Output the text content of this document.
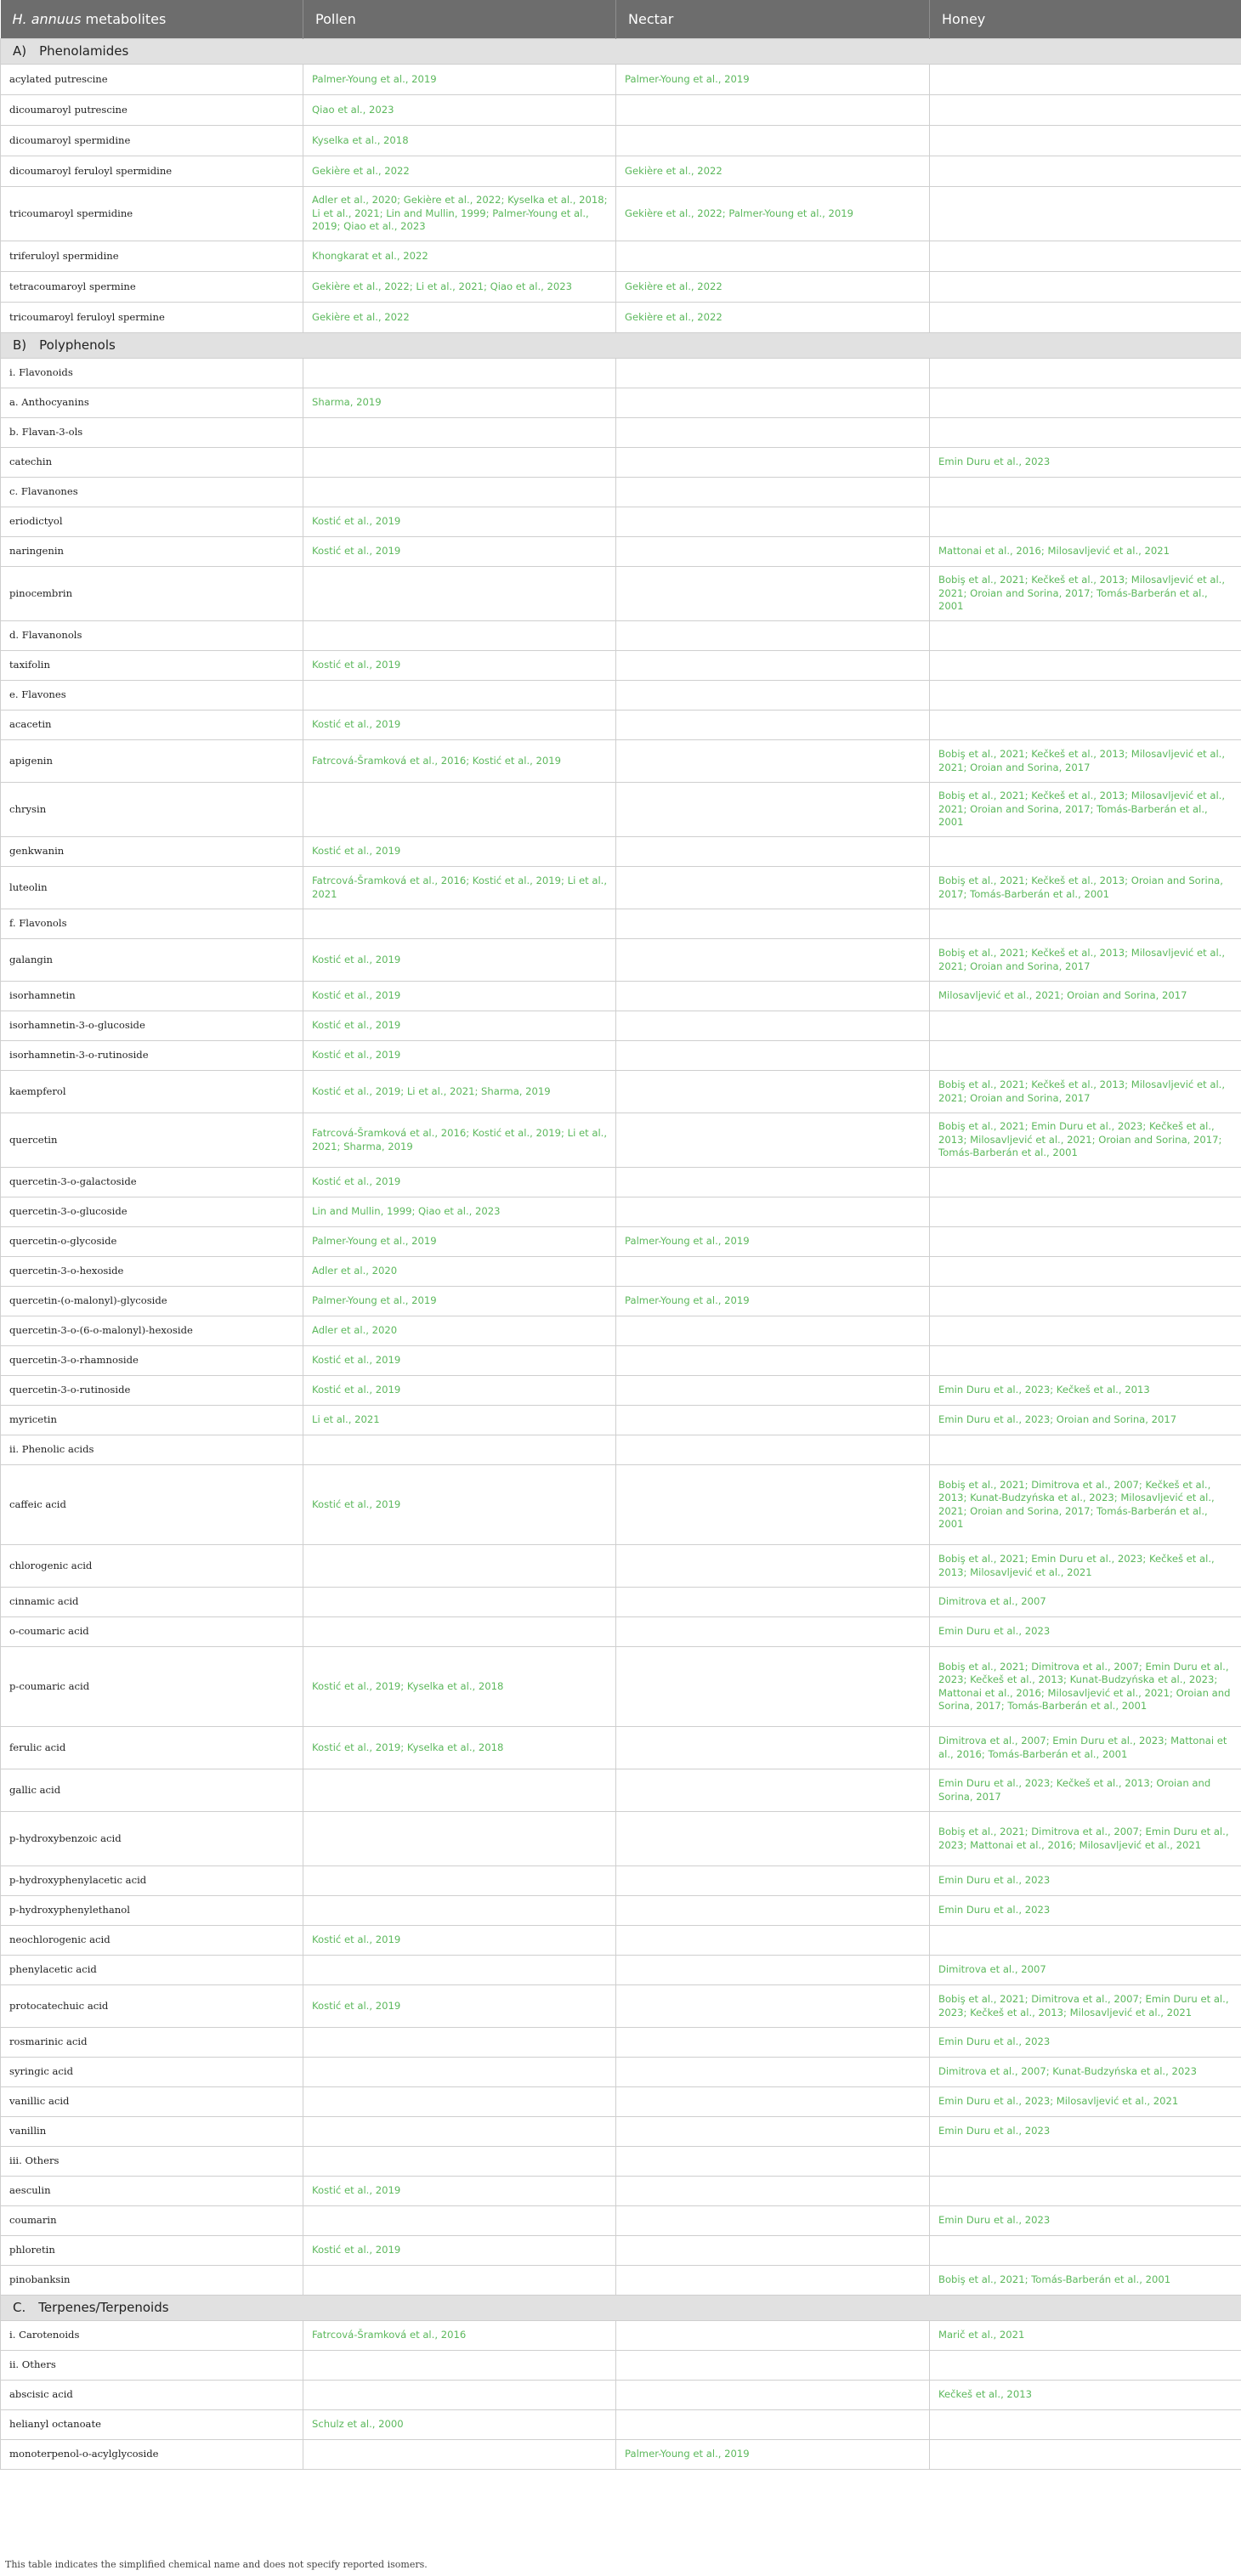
H. annuus metabolites	Pollen	Nectar	Honey
A) Phenolamides			
acylated putrescine	Palmer-Young et al., 2019	Palmer-Young et al., 2019	
dicoumaroyl putrescine	Qiao et al., 2023		
dicoumaroyl spermidine	Kyselka et al., 2018		
dicoumaroyl feruloyl spermidine	Gekière et al., 2022	Gekière et al., 2022	
tricoumaroyl spermidine	Adler et al., 2020; Gekière et al., 2022; Kyselka et al., 2018; Li et al., 2021; Lin and Mullin, 1999; Palmer-Young et al., 2019; Qiao et al., 2023	Gekière et al., 2022; Palmer-Young et al., 2019	
triferuloyl spermidine	Khongkarat et al., 2022		
tetracoumaroyl spermine	Gekière et al., 2022; Li et al., 2021; Qiao et al., 2023	Gekière et al., 2022	
tricoumaroyl feruloyl spermine	Gekière et al., 2022	Gekière et al., 2022	
B) Polyphenols			
i. Flavonoids			
a. Anthocyanins	Sharma, 2019		
b. Flavan-3-ols			
catechin			Emin Duru et al., 2023
c. Flavanones			
eriodictyol	Kostić et al., 2019		
naringenin	Kostić et al., 2019		Mattonai et al., 2016; Milosavljević et al., 2021
pinocembrin			Bobiş et al., 2021; Kečkeš et al., 2013; Milosavljević et al., 2021; Oroian and Sorina, 2017; Tomás-Barberán et al., 2001
d. Flavanonols			
taxifolin	Kostić et al., 2019		
e. Flavones			
acacetin	Kostić et al., 2019		
apigenin	Fatrcová-Šramková et al., 2016; Kostić et al., 2019		Bobiş et al., 2021; Kečkeš et al., 2013; Milosavljević et al., 2021; Oroian and Sorina, 2017
chrysin			Bobiş et al., 2021; Kečkeš et al., 2013; Milosavljević et al., 2021; Oroian and Sorina, 2017; Tomás-Barberán et al., 2001
genkwanin	Kostić et al., 2019		
luteolin	Fatrcová-Šramková et al., 2016; Kostić et al., 2019; Li et al., 2021		Bobiş et al., 2021; Kečkeš et al., 2013; Oroian and Sorina, 2017; Tomás-Barberán et al., 2001
f. Flavonols			
galangin	Kostić et al., 2019		Bobiş et al., 2021; Kečkeš et al., 2013; Milosavljević et al., 2021; Oroian and Sorina, 2017
isorhamnetin	Kostić et al., 2019		Milosavljević et al., 2021; Oroian and Sorina, 2017
isorhamnetin-3-o-glucoside	Kostić et al., 2019		
isorhamnetin-3-o-rutinoside	Kostić et al., 2019		
kaempferol	Kostić et al., 2019; Li et al., 2021; Sharma, 2019		Bobiş et al., 2021; Kečkeš et al., 2013; Milosavljević et al., 2021; Oroian and Sorina, 2017
quercetin	Fatrcová-Šramková et al., 2016; Kostić et al., 2019; Li et al., 2021; Sharma, 2019		Bobiş et al., 2021; Emin Duru et al., 2023; Kečkeš et al., 2013; Milosavljević et al., 2021; Oroian and Sorina, 2017; Tomás-Barberán et al., 2001
quercetin-3-o-galactoside	Kostić et al., 2019		
quercetin-3-o-glucoside	Lin and Mullin, 1999; Qiao et al., 2023		
quercetin-o-glycoside	Palmer-Young et al., 2019	Palmer-Young et al., 2019	
quercetin-3-o-hexoside	Adler et al., 2020		
quercetin-(o-malonyl)-glycoside	Palmer-Young et al., 2019	Palmer-Young et al., 2019	
quercetin-3-o-(6-o-malonyl)-hexoside	Adler et al., 2020		
quercetin-3-o-rhamnoside	Kostić et al., 2019		
quercetin-3-o-rutinoside	Kostić et al., 2019		Emin Duru et al., 2023; Kečkeš et al., 2013
myricetin	Li et al., 2021		Emin Duru et al., 2023; Oroian and Sorina, 2017
ii. Phenolic acids			
caffeic acid	Kostić et al., 2019		Bobiş et al., 2021; Dimitrova et al., 2007; Kečkeš et al., 2013; Kunat-Budzyńska et al., 2023; Milosavljević et al., 2021; Oroian and Sorina, 2017; Tomás-Barberán et al., 2001
chlorogenic acid			Bobiş et al., 2021; Emin Duru et al., 2023; Kečkeš et al., 2013; Milosavljević et al., 2021
cinnamic acid			Dimitrova et al., 2007
o-coumaric acid			Emin Duru et al., 2023
p-coumaric acid	Kostić et al., 2019; Kyselka et al., 2018		Bobiş et al., 2021; Dimitrova et al., 2007; Emin Duru et al., 2023; Kečkeš et al., 2013; Kunat-Budzyńska et al., 2023; Mattonai et al., 2016; Milosavljević et al., 2021; Oroian and Sorina, 2017; Tomás-Barberán et al., 2001
ferulic acid	Kostić et al., 2019; Kyselka et al., 2018		Dimitrova et al., 2007; Emin Duru et al., 2023; Mattonai et al., 2016; Tomás-Barberán et al., 2001
gallic acid			Emin Duru et al., 2023; Kečkeš et al., 2013; Oroian and Sorina, 2017
p-hydroxybenzoic acid			Bobiş et al., 2021; Dimitrova et al., 2007; Emin Duru et al., 2023; Mattonai et al., 2016; Milosavljević et al., 2021
p-hydroxyphenylacetic acid			Emin Duru et al., 2023
p-hydroxyphenylethanol			Emin Duru et al., 2023
neochlorogenic acid	Kostić et al., 2019		
phenylacetic acid			Dimitrova et al., 2007
protocatechuic acid	Kostić et al., 2019		Bobiş et al., 2021; Dimitrova et al., 2007; Emin Duru et al., 2023; Kečkeš et al., 2013; Milosavljević et al., 2021
rosmarinic acid			Emin Duru et al., 2023
syringic acid			Dimitrova et al., 2007; Kunat-Budzyńska et al., 2023
vanillic acid			Emin Duru et al., 2023; Milosavljević et al., 2021
vanillin			Emin Duru et al., 2023
iii. Others			
aesculin	Kostić et al., 2019		
coumarin			Emin Duru et al., 2023
phloretin	Kostić et al., 2019		
pinobanksin			Bobiş et al., 2021; Tomás-Barberán et al., 2001
C. Terpenes/Terpenoids			
i. Carotenoids	Fatrcová-Šramková et al., 2016		Marič et al., 2021
ii. Others			
abscisic acid			Kečkeš et al., 2013
helianyl octanoate	Schulz et al., 2000		
monoterpenol-o-acylglycoside		Palmer-Young et al., 2019	
This table indicates the simplified chemical name and does not specify reported isomers.
